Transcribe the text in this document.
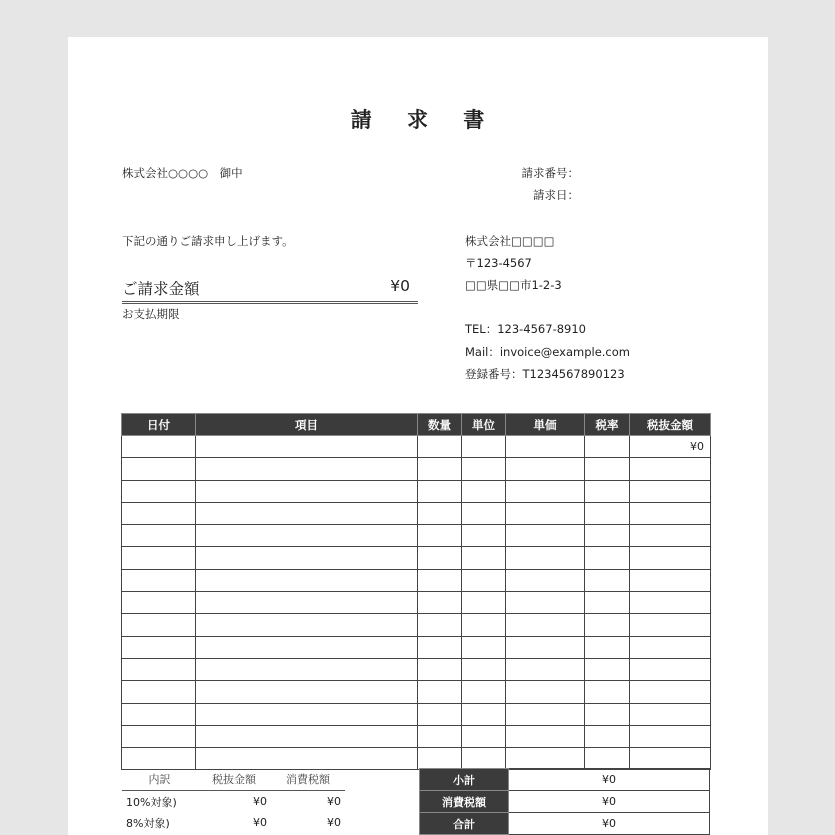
請 求 書
株式会社○○○○　御中	請求番号：
請求日：
下記の通りご請求申し上げます。
ご請求金額	¥0
お支払期限
株式会社□□□□
〒123-4567
□□県□□市1-2-3
TEL：123-4567-8910
Mail：invoice@example.com
登録番号：T1234567890123
日付	項目	数量	単位	単価	税率	税抜金額
						¥0

内訳	税抜金額	消費税額
10%対象)	¥0	¥0
8%対象)	¥0	¥0
小計	¥0
消費税額	¥0
合計	¥0
